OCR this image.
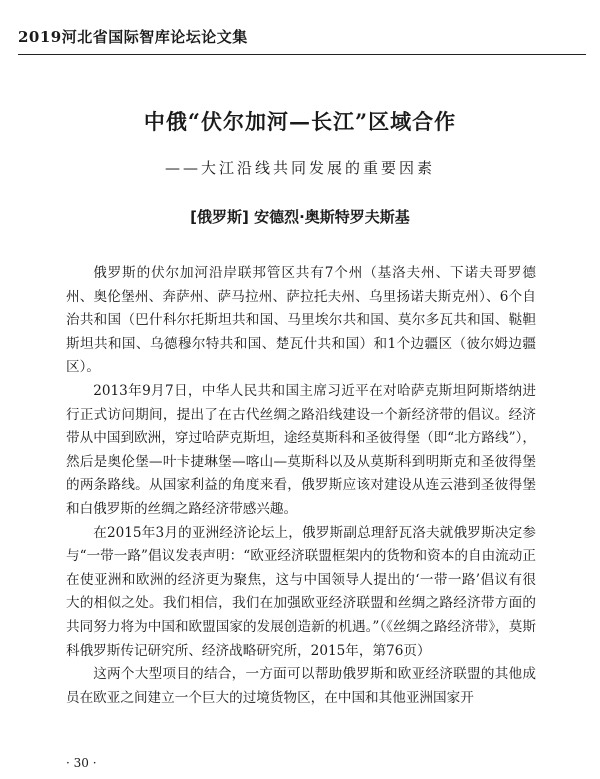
2019河北省国际智库论坛论文集
中俄“伏尔加河—长江”区域合作
——大江沿线共同发展的重要因素
[俄罗斯] 安德烈·奥斯特罗夫斯基

俄罗斯的伏尔加河沿岸联邦管区共有7个州（基洛夫州、下诺夫哥罗德州、奥伦堡州、奔萨州、萨马拉州、萨拉托夫州、乌里扬诺夫斯克州）、6个自治共和国（巴什科尔托斯坦共和国、马里埃尔共和国、莫尔多瓦共和国、鞑靼斯坦共和国、乌德穆尔特共和国、楚瓦什共和国）和1个边疆区（彼尔姆边疆区）。

2013年9月7日，中华人民共和国主席习近平在对哈萨克斯坦阿斯塔纳进行正式访问期间，提出了在古代丝绸之路沿线建设一个新经济带的倡议。经济带从中国到欧洲，穿过哈萨克斯坦，途经莫斯科和圣彼得堡（即“北方路线”），然后是奥伦堡—叶卡捷琳堡—喀山—莫斯科以及从莫斯科到明斯克和圣彼得堡的两条路线。从国家利益的角度来看，俄罗斯应该对建设从连云港到圣彼得堡和白俄罗斯的丝绸之路经济带感兴趣。

在2015年3月的亚洲经济论坛上，俄罗斯副总理舒瓦洛夫就俄罗斯决定参与“一带一路”倡议发表声明：“欧亚经济联盟框架内的货物和资本的自由流动正在使亚洲和欧洲的经济更为聚焦，这与中国领导人提出的‘一带一路’倡议有很大的相似之处。我们相信，我们在加强欧亚经济联盟和丝绸之路经济带方面的共同努力将为中国和欧盟国家的发展创造新的机遇。”（《丝绸之路经济带》，莫斯科俄罗斯传记研究所、经济战略研究所，2015年，第76页）

这两个大型项目的结合，一方面可以帮助俄罗斯和欧亚经济联盟的其他成员在欧亚之间建立一个巨大的过境货物区，在中国和其他亚洲国家开

· 30 ·
